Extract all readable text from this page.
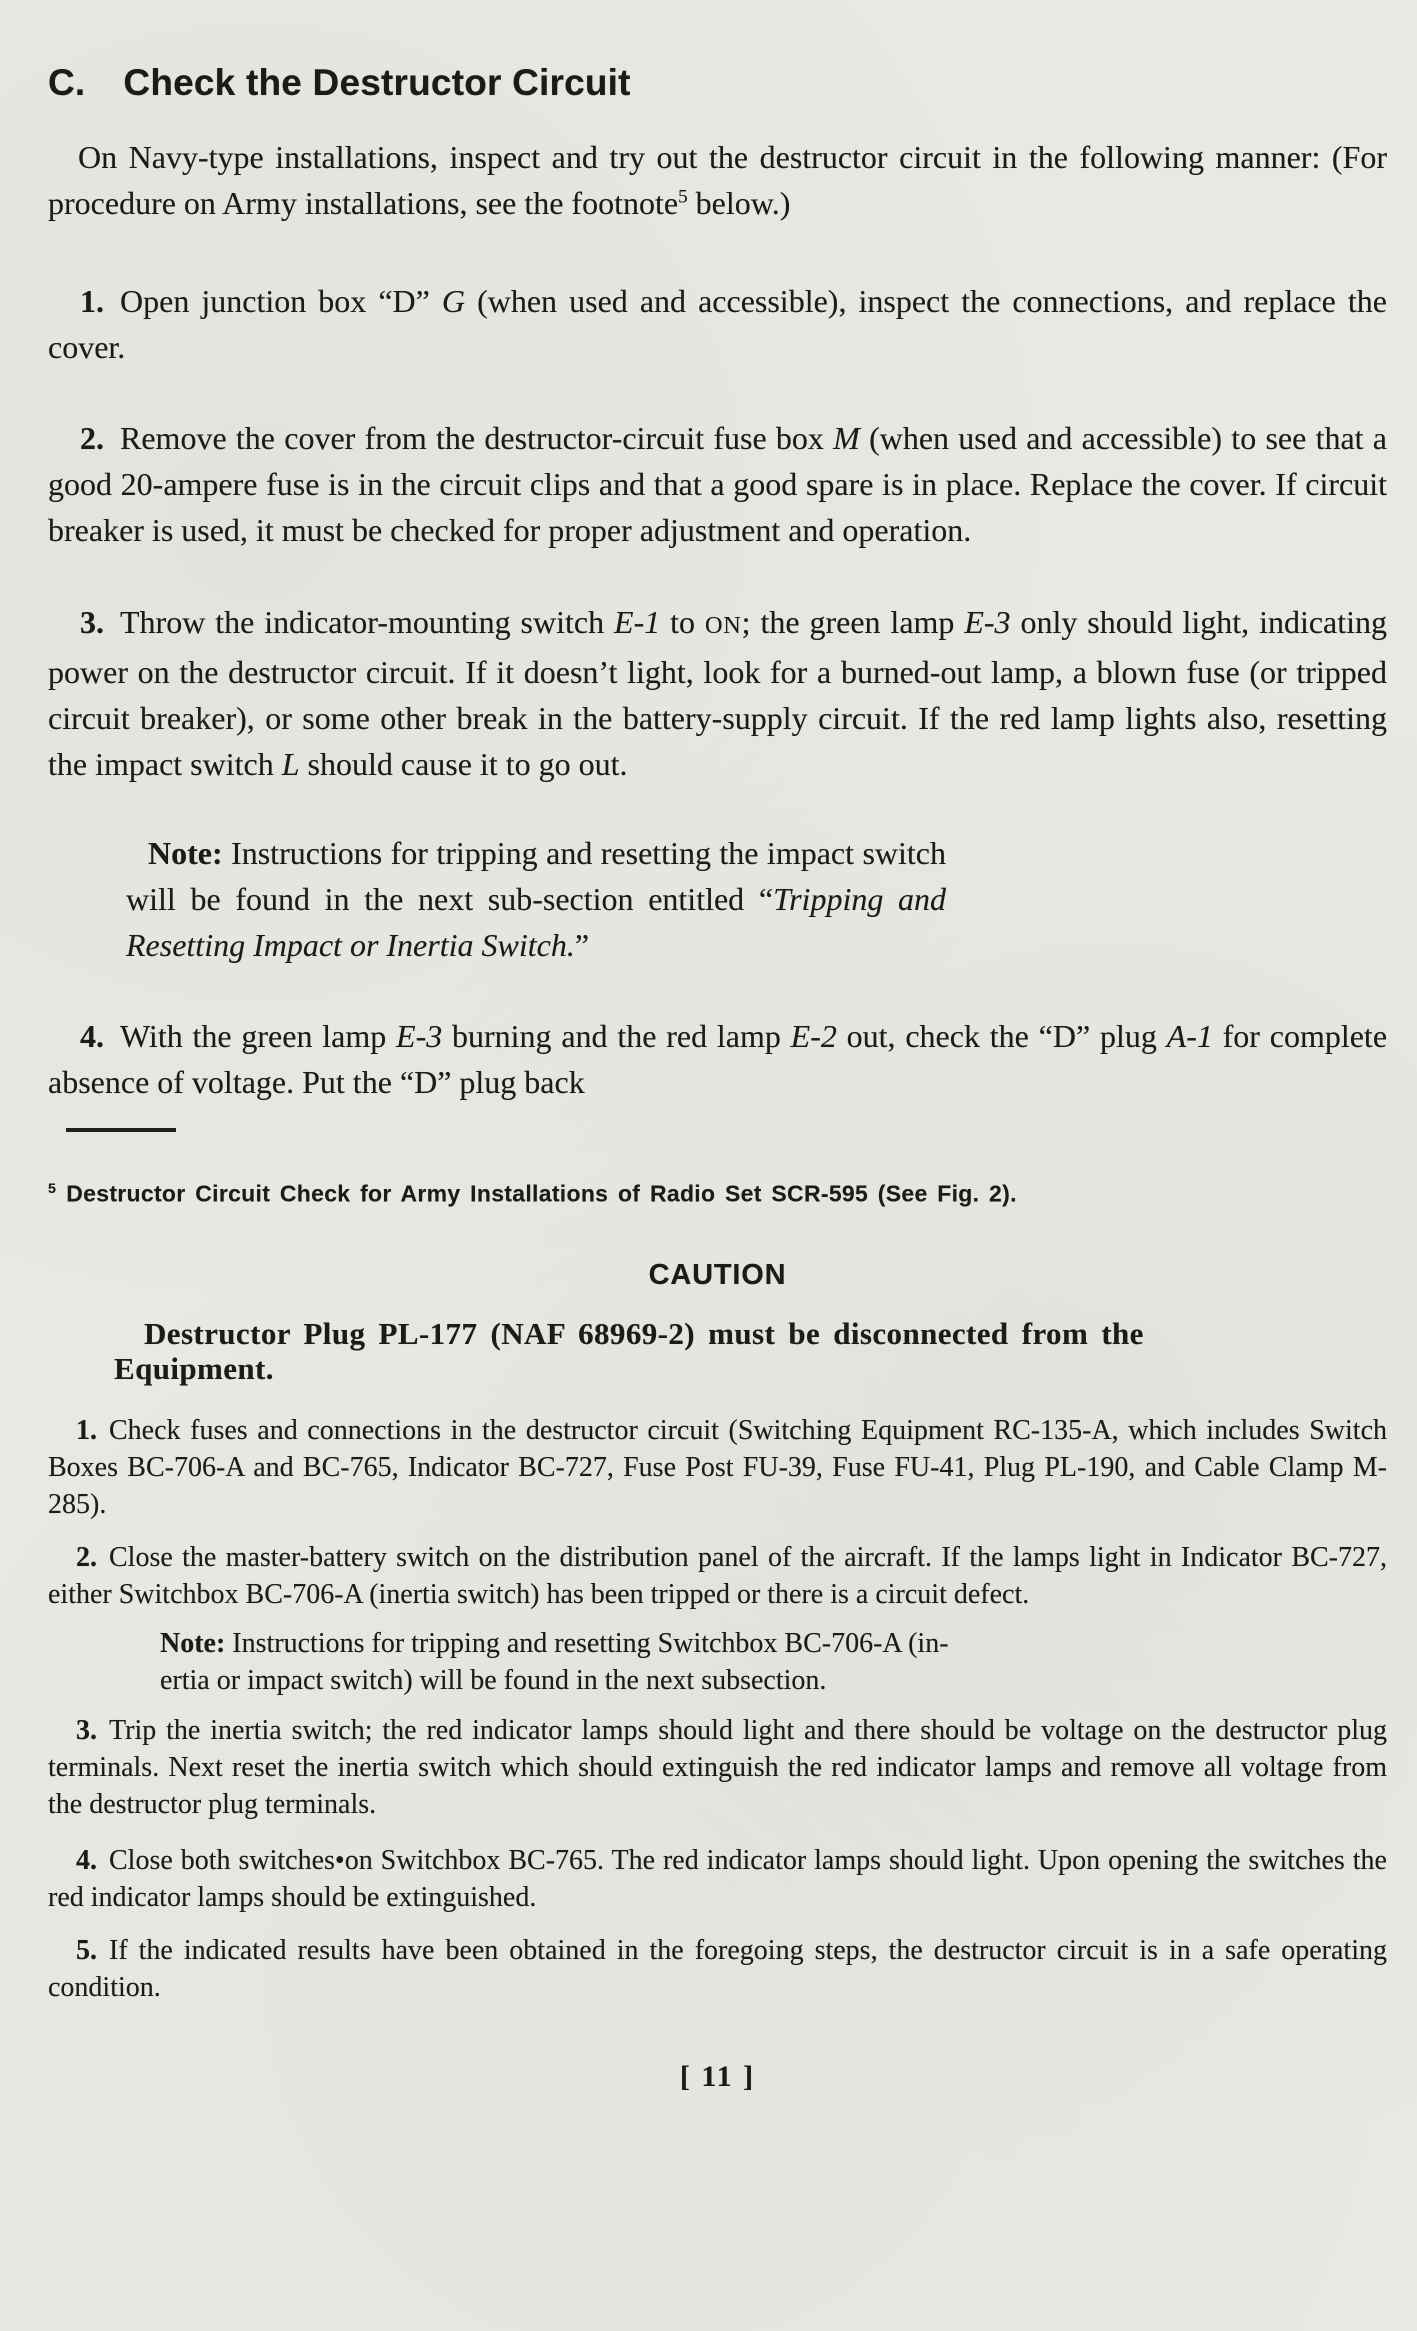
C. Check the Destructor Circuit

On Navy-type installations, inspect and try out the destructor circuit in the following manner: (For procedure on Army installations, see the footnote$^5$ below.)

1. Open junction box “D” G (when used and accessible), inspect the connections, and replace the cover.

2. Remove the cover from the destructor-circuit fuse box M (when used and accessible) to see that a good 20-ampere fuse is in the circuit clips and that a good spare is in place. Replace the cover. If circuit breaker is used, it must be checked for proper adjustment and operation.

3. Throw the indicator-mounting switch E-1 to ON; the green lamp E-3 only should light, indicating power on the destructor circuit. If it doesn’t light, look for a burned-out lamp, a blown fuse (or tripped circuit breaker), or some other break in the battery-supply circuit. If the red lamp lights also, resetting the impact switch L should cause it to go out.

Note: Instructions for tripping and resetting the impact switch will be found in the next sub-section entitled “Tripping and Resetting Impact or Inertia Switch.”

4. With the green lamp E-3 burning and the red lamp E-2 out, check the “D” plug A-1 for complete absence of voltage. Put the “D” plug back

$^5$ Destructor Circuit Check for Army Installations of Radio Set SCR-595 (See Fig. 2).

CAUTION

Destructor Plug PL-177 (NAF 68969-2) must be disconnected from the Equipment.

1. Check fuses and connections in the destructor circuit (Switching Equipment RC-135-A, which includes Switch Boxes BC-706-A and BC-765, Indicator BC-727, Fuse Post FU-39, Fuse FU-41, Plug PL-190, and Cable Clamp M-285).

2. Close the master-battery switch on the distribution panel of the aircraft. If the lamps light in Indicator BC-727, either Switchbox BC-706-A (inertia switch) has been tripped or there is a circuit defect.

Note: Instructions for tripping and resetting Switchbox BC-706-A (in-
ertia or impact switch) will be found in the next subsection.

3. Trip the inertia switch; the red indicator lamps should light and there should be voltage on the destructor plug terminals. Next reset the inertia switch which should extinguish the red indicator lamps and remove all voltage from the destructor plug terminals.

4. Close both switches•on Switchbox BC-765. The red indicator lamps should light. Upon opening the switches the red indicator lamps should be extinguished.

5. If the indicated results have been obtained in the foregoing steps, the destructor circuit is in a safe operating condition.

[ 11 ]
